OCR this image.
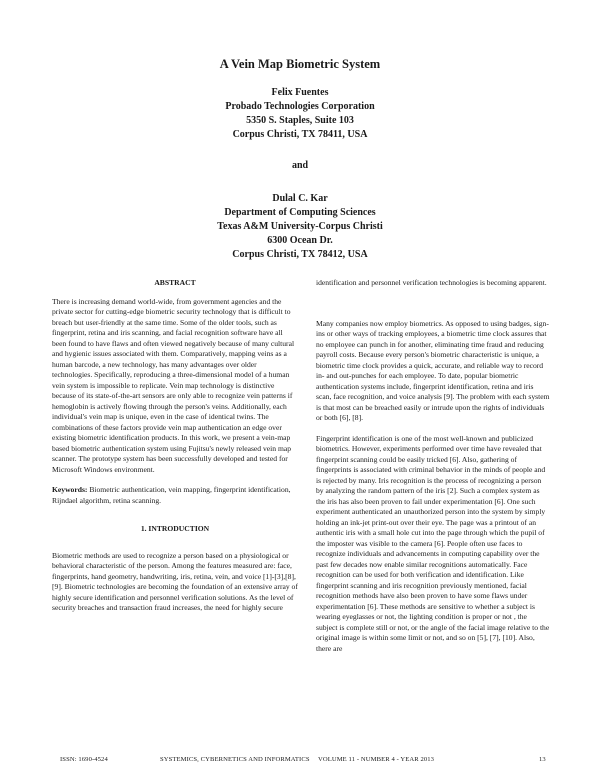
A Vein Map Biometric System
Felix Fuentes
Probado Technologies Corporation
5350 S. Staples, Suite 103
Corpus Christi, TX 78411, USA
and
Dulal C. Kar
Department of Computing Sciences
Texas A&M University-Corpus Christi
6300 Ocean Dr.
Corpus Christi, TX 78412, USA
ABSTRACT

There is increasing demand world-wide, from government agencies and the private sector for cutting-edge biometric security technology that is difficult to breach but user-friendly at the same time. Some of the older tools, such as fingerprint, retina and iris scanning, and facial recognition software have all been found to have flaws and often viewed negatively because of many cultural and hygienic issues associated with them. Comparatively, mapping veins as a human barcode, a new technology, has many advantages over older technologies. Specifically, reproducing a three-dimensional model of a human vein system is impossible to replicate. Vein map technology is distinctive because of its state-of-the-art sensors are only able to recognize vein patterns if hemoglobin is actively flowing through the person's veins. Additionally, each individual's vein map is unique, even in the case of identical twins. The combinations of these factors provide vein map authentication an edge over existing biometric identification products. In this work, we present a vein-map based biometric authentication system using Fujitsu's newly released vein map scanner. The prototype system has been successfully developed and tested for Microsoft Windows environment.

Keywords: Biometric authentication, vein mapping, fingerprint identification, Rijndael algorithm, retina scanning.

1. INTRODUCTION

Biometric methods are used to recognize a person based on a physiological or behavioral characteristic of the person. Among the features measured are: face, fingerprints, hand geometry, handwriting, iris, retina, vein, and voice [1]-[3],[8],[9]. Biometric technologies are becoming the foundation of an extensive array of highly secure identification and personnel verification solutions. As the level of security breaches and transaction fraud increases, the need for highly secure

identification and personnel verification technologies is becoming apparent.

Many companies now employ biometrics. As opposed to using badges, sign-ins or other ways of tracking employees, a biometric time clock assures that no employee can punch in for another, eliminating time fraud and reducing payroll costs. Because every person's biometric characteristic is unique, a biometric time clock provides a quick, accurate, and reliable way to record in- and out-punches for each employee. To date, popular biometric authentication systems include, fingerprint identification, retina and iris scan, face recognition, and voice analysis [9]. The problem with each system is that most can be breached easily or intrude upon the rights of individuals or both [6], [8].

Fingerprint identification is one of the most well-known and publicized biometrics. However, experiments performed over time have revealed that fingerprint scanning could be easily tricked [6]. Also, gathering of fingerprints is associated with criminal behavior in the minds of people and is rejected by many. Iris recognition is the process of recognizing a person by analyzing the random pattern of the iris [2]. Such a complex system as the iris has also been proven to fail under experimentation [6]. One such experiment authenticated an unauthorized person into the system by simply holding an ink-jet print-out over their eye. The page was a printout of an authentic iris with a small hole cut into the page through which the pupil of the imposter was visible to the camera [6]. People often use faces to recognize individuals and advancements in computing capability over the past few decades now enable similar recognitions automatically. Face recognition can be used for both verification and identification. Like fingerprint scanning and iris recognition previously mentioned, facial recognition methods have also been proven to have some flaws under experimentation [6]. These methods are sensitive to whether a subject is wearing eyeglasses or not, the lighting condition is proper or not , the subject is complete still or not, or the angle of the facial image relative to the original image is within some limit or not, and so on [5], [7], [10]. Also, there are

ISSN: 1690-4524	SYSTEMICS, CYBERNETICS AND INFORMATICS VOLUME 11 - NUMBER 4 - YEAR 2013	13
